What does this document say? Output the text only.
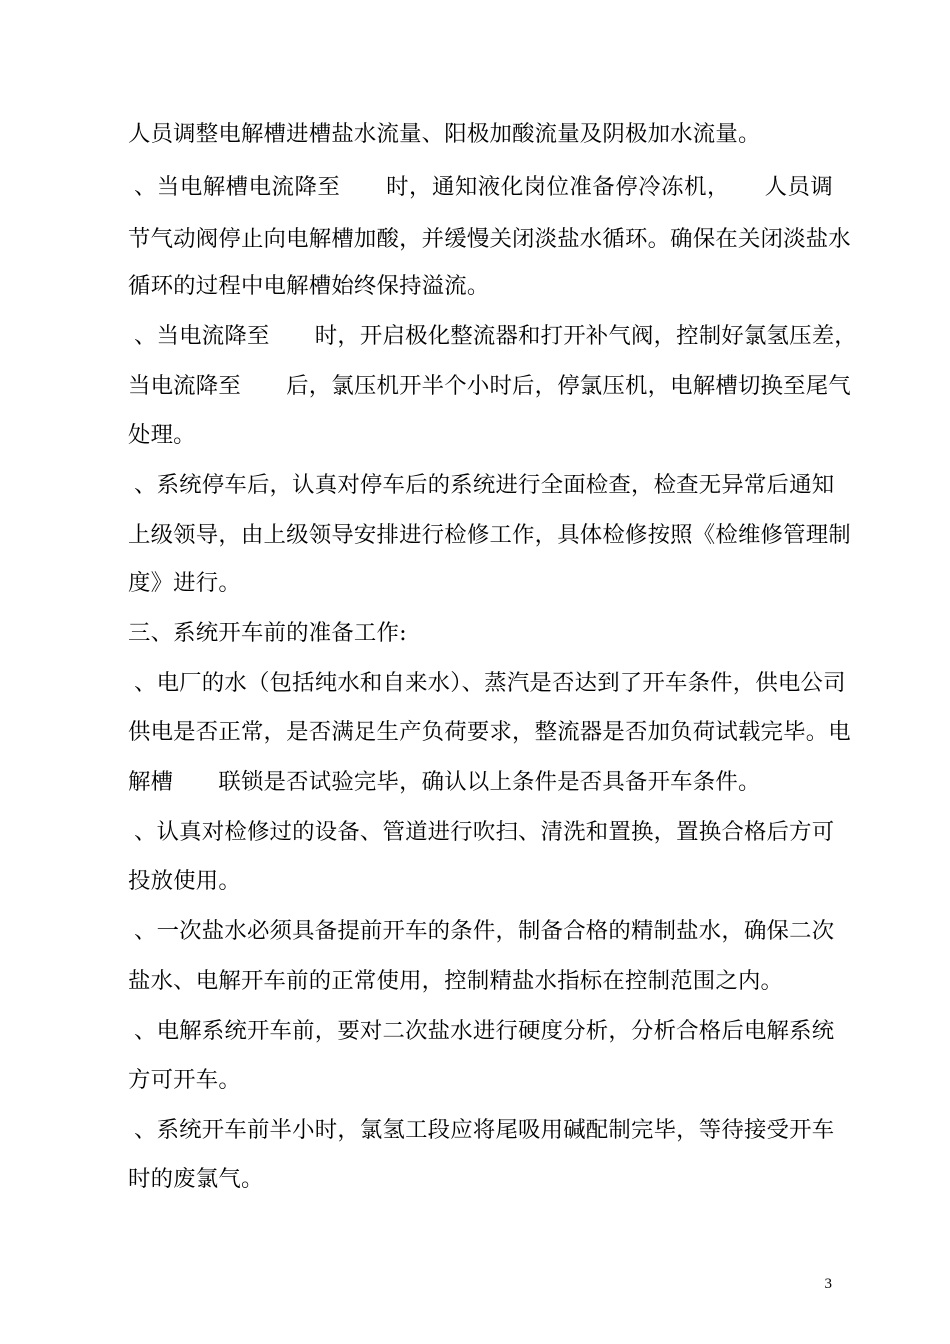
人员调整电解槽进槽盐水流量、阳极加酸流量及阴极加水流量。
、当电解槽电流降至　　时，通知液化岗位准备停冷冻机，　　人员调
节气动阀停止向电解槽加酸，并缓慢关闭淡盐水循环。确保在关闭淡盐水
循环的过程中电解槽始终保持溢流。
、当电流降至　　时，开启极化整流器和打开补气阀，控制好氯氢压差，
当电流降至　　后，氯压机开半个小时后，停氯压机，电解槽切换至尾气
处理。
、系统停车后，认真对停车后的系统进行全面检查，检查无异常后通知
上级领导，由上级领导安排进行检修工作，具体检修按照《检维修管理制
度》进行。
三、系统开车前的准备工作:
、电厂的水（包括纯水和自来水）、蒸汽是否达到了开车条件，供电公司
供电是否正常，是否满足生产负荷要求，整流器是否加负荷试载完毕。电
解槽　　联锁是否试验完毕，确认以上条件是否具备开车条件。
、认真对检修过的设备、管道进行吹扫、清洗和置换，置换合格后方可
投放使用。
、一次盐水必须具备提前开车的条件，制备合格的精制盐水，确保二次
盐水、电解开车前的正常使用，控制精盐水指标在控制范围之内。
、电解系统开车前，要对二次盐水进行硬度分析，分析合格后电解系统
方可开车。
、系统开车前半小时，氯氢工段应将尾吸用碱配制完毕，等待接受开车
时的废氯气。
3
